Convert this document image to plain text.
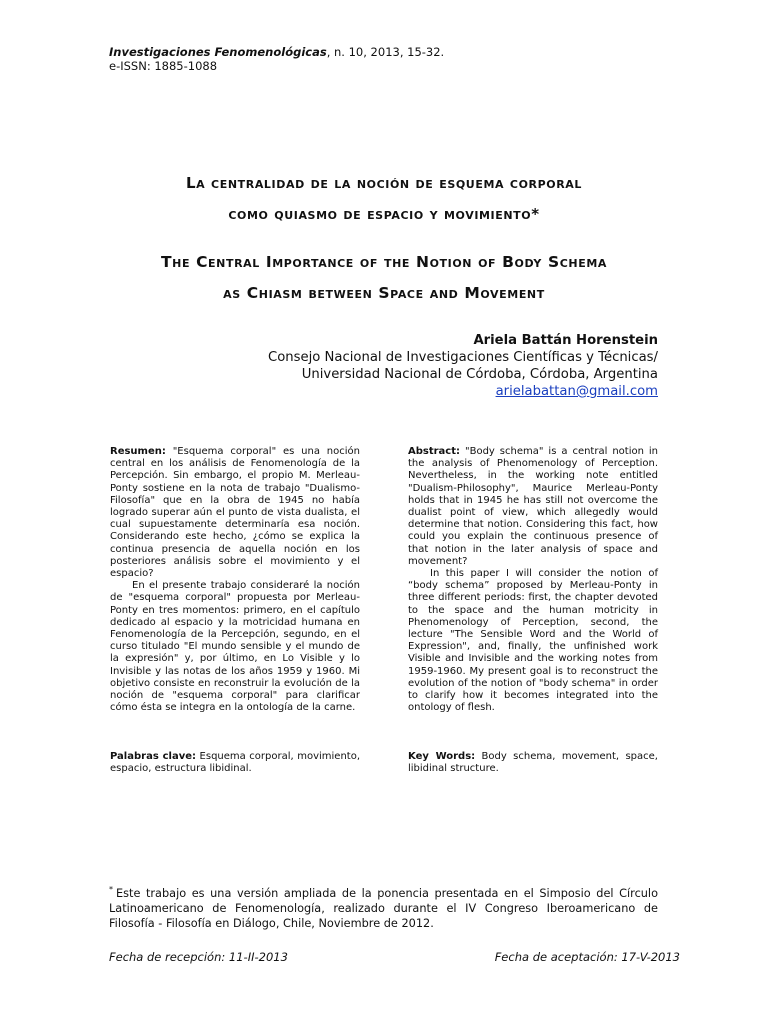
Investigaciones Fenomenológicas, n. 10, 2013, 15-32.
e-ISSN: 1885-1088
La centralidad de la noción de esquema corporal
como quiasmo de espacio y movimiento*
The Central Importance of the Notion of Body Schema
as Chiasm between Space and Movement
Ariela Battán Horenstein
Consejo Nacional de Investigaciones Científicas y Técnicas/
Universidad Nacional de Córdoba, Córdoba, Argentina
arielabattan@gmail.com

Resumen: "Esquema corporal" es una noción central en los análisis de Fenomenología de la Percepción. Sin embargo, el propio M. Merleau-Ponty sostiene en la nota de trabajo "Dualismo-Filosofía" que en la obra de 1945 no había logrado superar aún el punto de vista dualista, el cual supuestamente determinaría esa noción. Considerando este hecho, ¿cómo se explica la continua presencia de aquella noción en los posteriores análisis sobre el movimiento y el espacio?

En el presente trabajo consideraré la noción de "esquema corporal" propuesta por Merleau-Ponty en tres momentos: primero, en el capítulo dedicado al espacio y la motricidad humana en Fenomenología de la Percepción, segundo, en el curso titulado "El mundo sensible y el mundo de la expresión" y, por último, en Lo Visible y lo Invisible y las notas de los años 1959 y 1960. Mi objetivo consiste en reconstruir la evolución de la noción de "esquema corporal" para clarificar cómo ésta se integra en la ontología de la carne.

Abstract: "Body schema" is a central notion in the analysis of Phenomenology of Perception. Nevertheless, in the working note entitled "Dualism-Philosophy", Maurice Merleau-Ponty holds that in 1945 he has still not overcome the dualist point of view, which allegedly would determine that notion. Considering this fact, how could you explain the continuous presence of that notion in the later analysis of space and movement?

In this paper I will consider the notion of “body schema” proposed by Merleau-Ponty in three different periods: first, the chapter devoted to the space and the human motricity in Phenomenology of Perception, second, the lecture "The Sensible Word and the World of Expression", and, finally, the unfinished work Visible and Invisible and the working notes from 1959-1960. My present goal is to reconstruct the evolution of the notion of "body schema" in order to clarify how it becomes integrated into the ontology of flesh.

Palabras clave: Esquema corporal, movimiento, espacio, estructura libidinal.

Key Words: Body schema, movement, space, libidinal structure.

* Este trabajo es una versión ampliada de la ponencia presentada en el Simposio del Círculo Latinoamericano de Fenomenología, realizado durante el IV Congreso Iberoamericano de Filosofía - Filosofía en Diálogo, Chile, Noviembre de 2012.
Fecha de recepción: 11-II-2013	Fecha de aceptación: 17-V-2013
